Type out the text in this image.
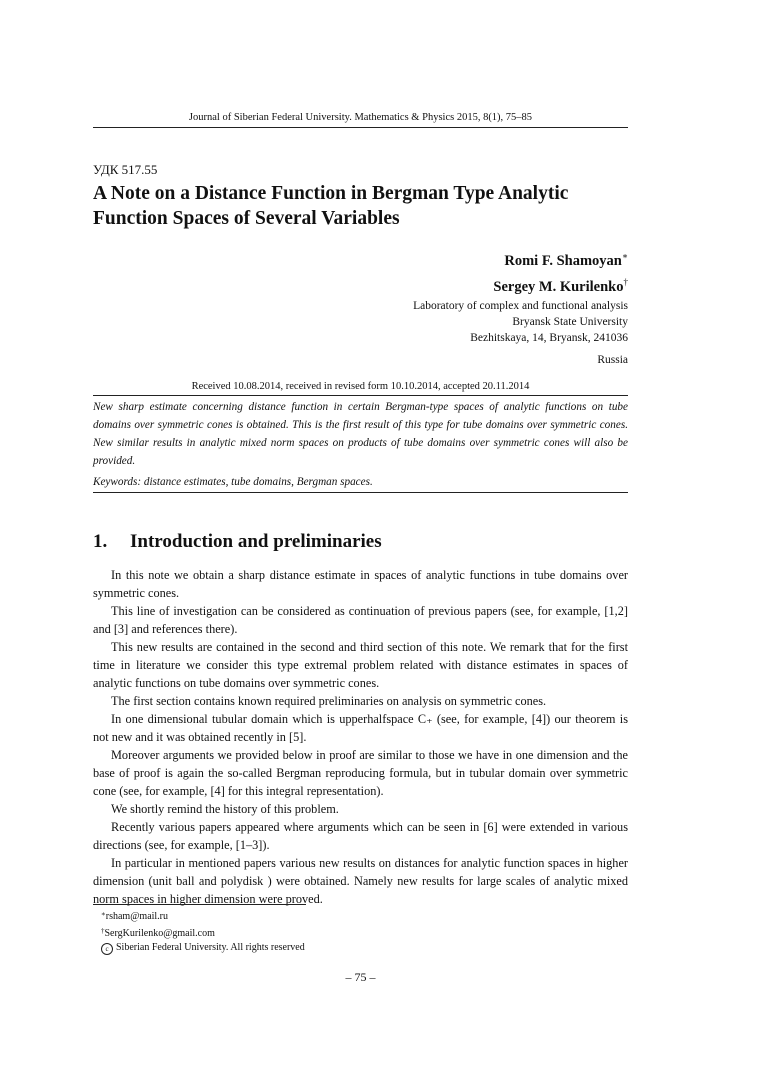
Journal of Siberian Federal University. Mathematics & Physics 2015, 8(1), 75–85
УДК 517.55
A Note on a Distance Function in Bergman Type Analytic Function Spaces of Several Variables
Romi F. Shamoyan∗
Sergey M. Kurilenko†
Laboratory of complex and functional analysis
Bryansk State University
Bezhitskaya, 14, Bryansk, 241036
Russia
Received 10.08.2014, received in revised form 10.10.2014, accepted 20.11.2014
New sharp estimate concerning distance function in certain Bergman-type spaces of analytic functions on tube domains over symmetric cones is obtained. This is the first result of this type for tube domains over symmetric cones. New similar results in analytic mixed norm spaces on products of tube domains over symmetric cones will also be provided.
Keywords: distance estimates, tube domains, Bergman spaces.
1. Introduction and preliminaries

In this note we obtain a sharp distance estimate in spaces of analytic functions in tube domains over symmetric cones.

This line of investigation can be considered as continuation of previous papers (see, for example, [1,2] and [3] and references there).

This new results are contained in the second and third section of this note. We remark that for the first time in literature we consider this type extremal problem related with distance estimates in spaces of analytic functions on tube domains over symmetric cones.

The first section contains known required preliminaries on analysis on symmetric cones.

In one dimensional tubular domain which is upperhalfspace C₊ (see, for example, [4]) our theorem is not new and it was obtained recently in [5].

Moreover arguments we provided below in proof are similar to those we have in one dimension and the base of proof is again the so-called Bergman reproducing formula, but in tubular domain over symmetric cone (see, for example, [4] for this integral representation).

We shortly remind the history of this problem.

Recently various papers appeared where arguments which can be seen in [6] were extended in various directions (see, for example, [1–3]).

In particular in mentioned papers various new results on distances for analytic function spaces in higher dimension (unit ball and polydisk ) were obtained. Namely new results for large scales of analytic mixed norm spaces in higher dimension were proved.

∗rsham@mail.ru
†SergKurilenko@gmail.com
c Siberian Federal University. All rights reserved
– 75 –
